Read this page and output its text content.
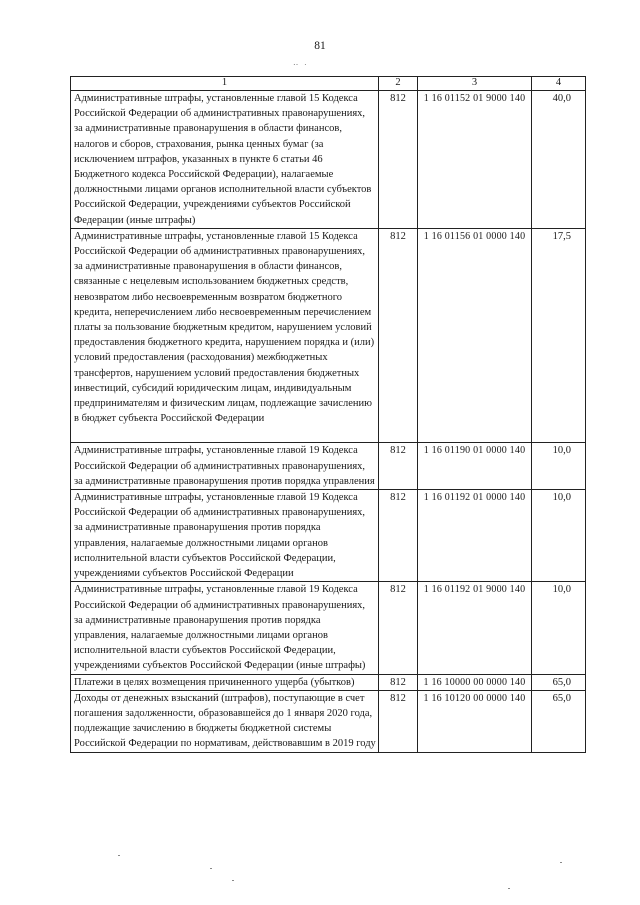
81
‥ .
1	2	3	4
Административные штрафы, установленные главой 15 Кодекса Российской Федерации об административных правонарушениях, за административные правонарушения в области финансов, налогов и сборов, страхования, рынка ценных бумаг (за исключением штрафов, указанных в пункте 6 статьи 46 Бюджетного кодекса Российской Федерации), налагаемые должностными лицами органов исполнительной власти субъектов Российской Федерации, учреждениями субъектов Российской Федерации (иные штрафы)	812	1 16 01152 01 9000 140	40,0
Административные штрафы, установленные главой 15 Кодекса Российской Федерации об административных правонарушениях, за административные правонарушения в области финансов, связанные с нецелевым использованием бюджетных средств, невозвратом либо несвоевременным возвратом бюджетного кредита, неперечислением либо несвоевременным перечислением платы за пользование бюджетным кредитом, нарушением условий предоставления бюджетного кредита, нарушением порядка и (или) условий предоставления (расходования) межбюджетных трансфертов, нарушением условий предоставления бюджетных инвестиций, субсидий юридическим лицам, индивидуальным предпринимателям и физическим лицам, подлежащие зачислению в бюджет субъекта Российской Федерации	812	1 16 01156 01 0000 140	17,5
Административные штрафы, установленные главой 19 Кодекса Российской Федерации об административных правонарушениях, за административные правонарушения против порядка управления	812	1 16 01190 01 0000 140	10,0
Административные штрафы, установленные главой 19 Кодекса Российской Федерации об административных правонарушениях, за административные правонарушения против порядка управления, налагаемые должностными лицами органов исполнительной власти субъектов Российской Федерации, учреждениями субъектов Российской Федерации	812	1 16 01192 01 0000 140	10,0
Административные штрафы, установленные главой 19 Кодекса Российской Федерации об административных правонарушениях, за административные правонарушения против порядка управления, налагаемые должностными лицами органов исполнительной власти субъектов Российской Федерации, учреждениями субъектов Российской Федерации (иные штрафы)	812	1 16 01192 01 9000 140	10,0
Платежи в целях возмещения причиненного ущерба (убытков)	812	1 16 10000 00 0000 140	65,0
Доходы от денежных взысканий (штрафов), поступающие в счет погашения задолженности, образовавшейся до 1 января 2020 года, подлежащие зачислению в бюджеты бюджетной системы Российской Федерации по нормативам, действовавшим в 2019 году	812	1 16 10120 00 0000 140	65,0
